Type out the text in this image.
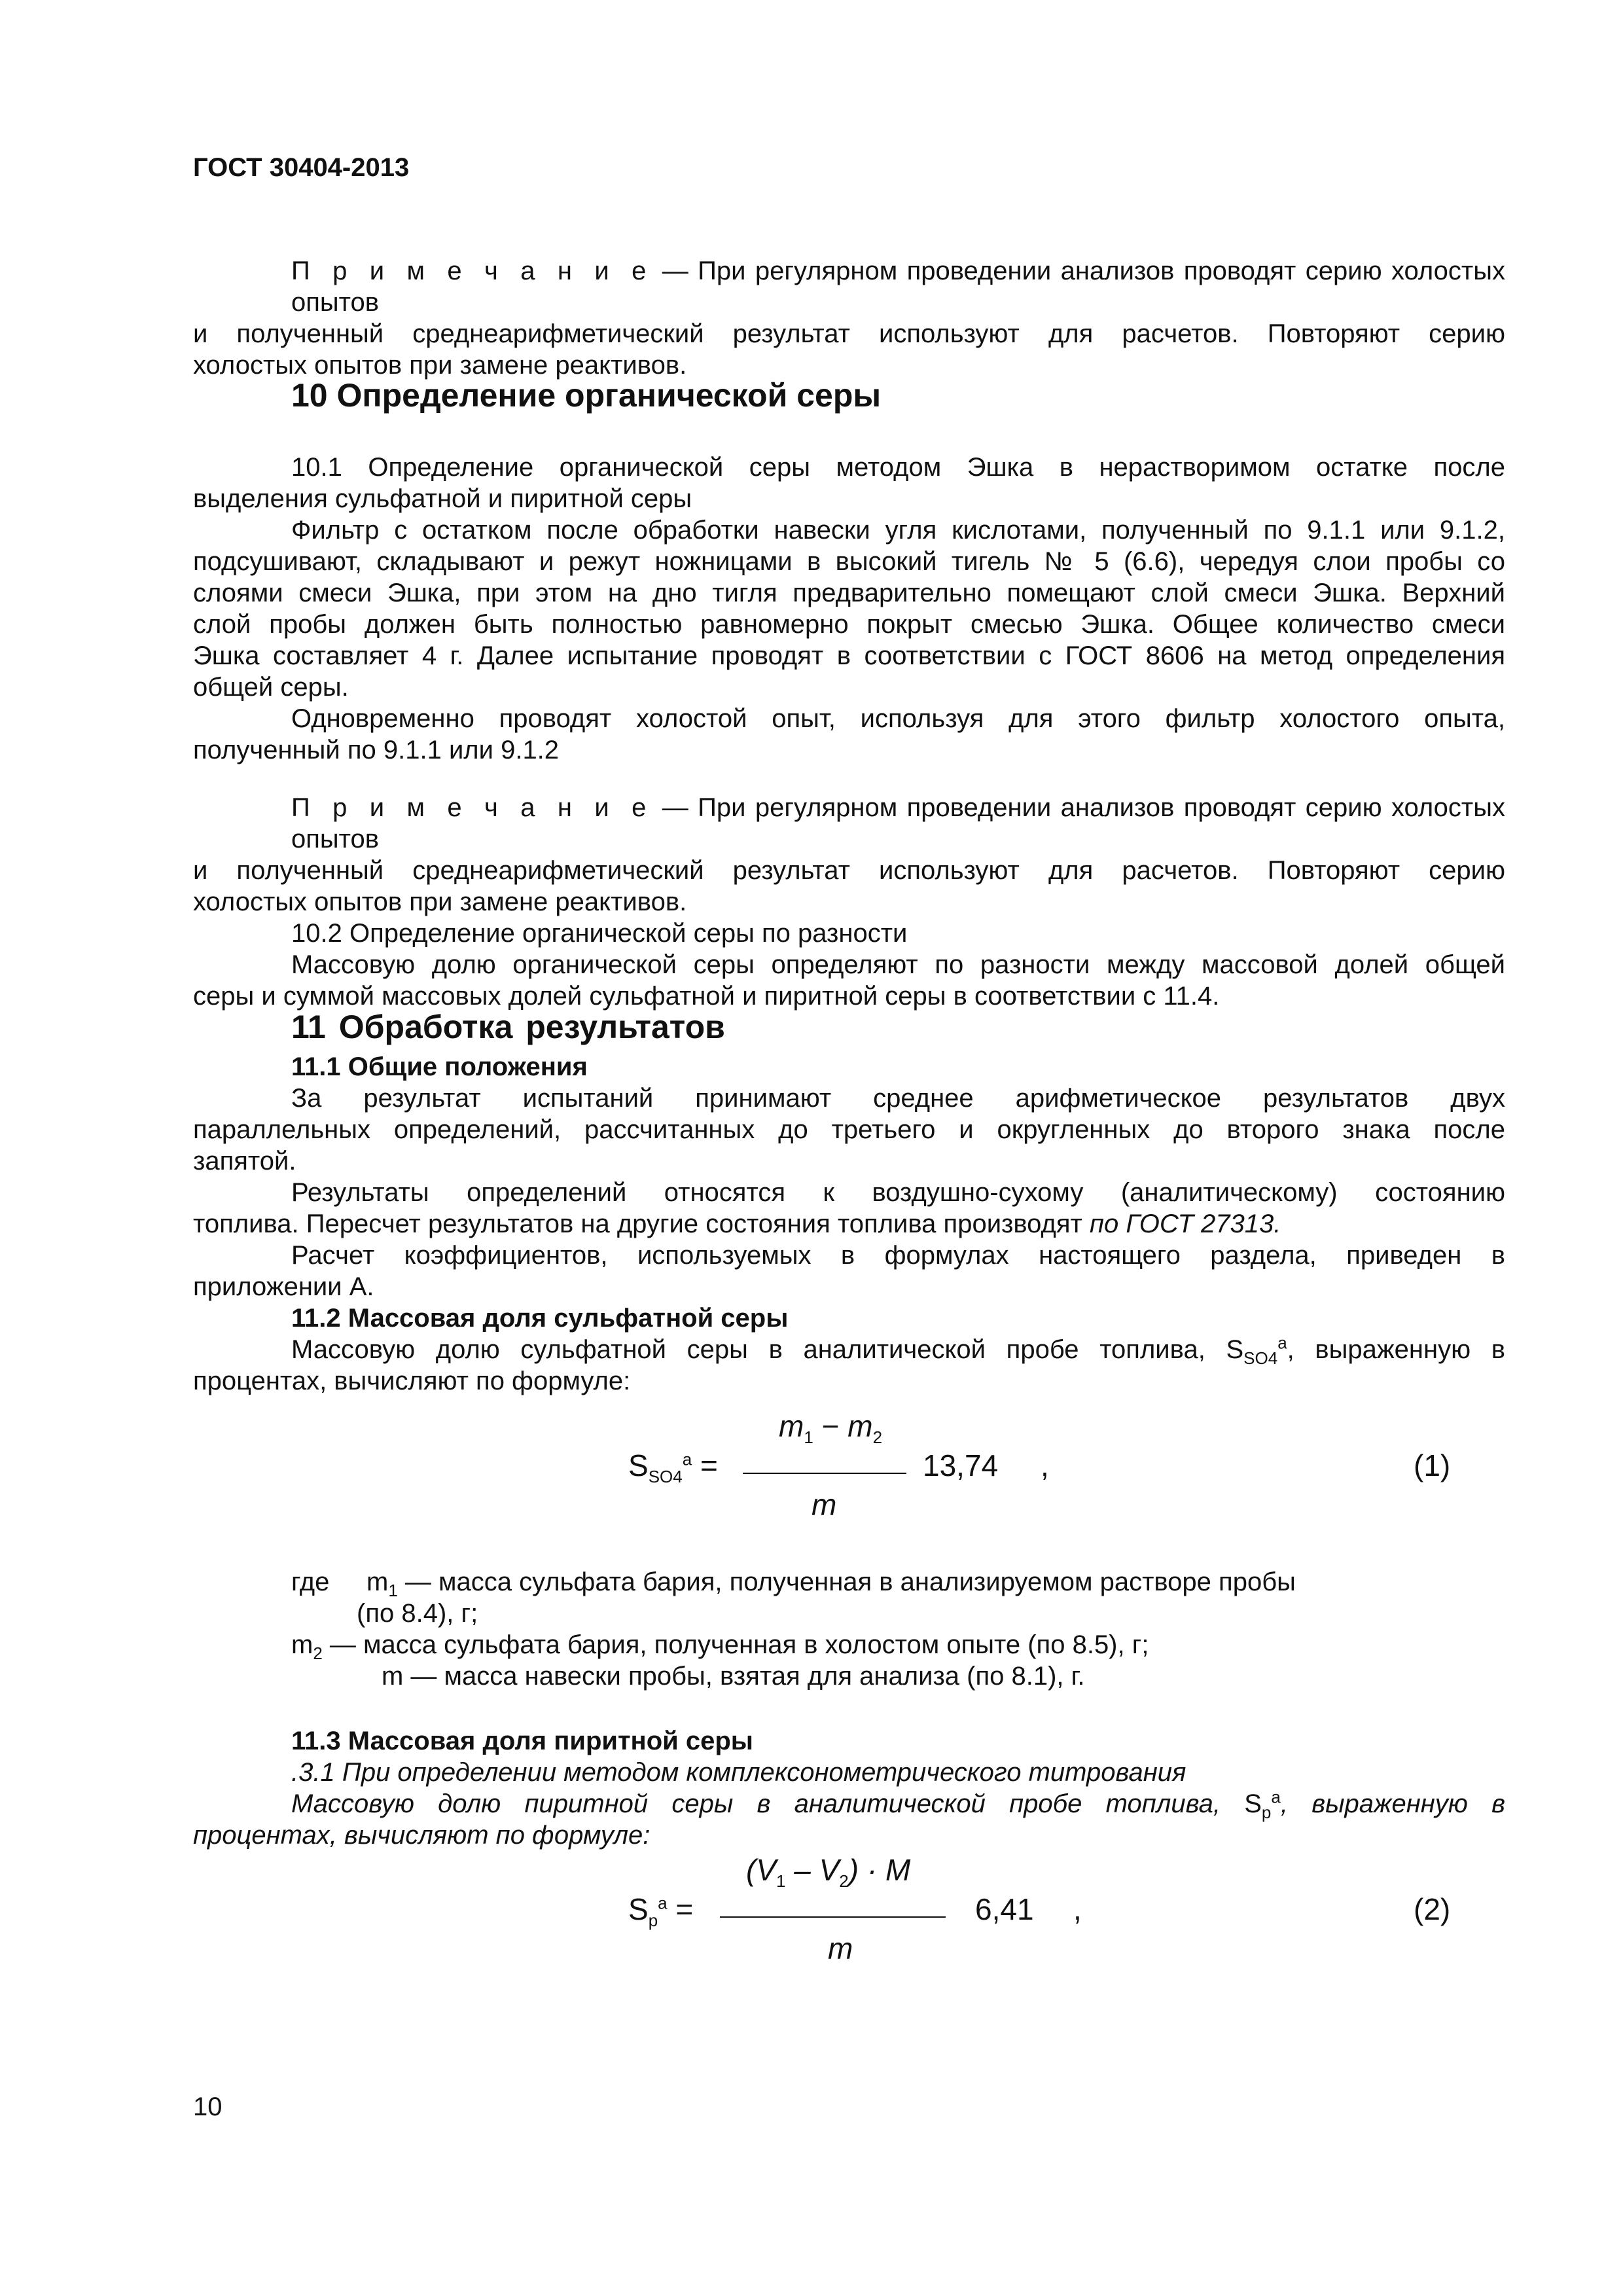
ГОСТ 30404-2013
П р и м е ч а н и е — При регулярном проведении анализов проводят серию холостых опытов
и полученный среднеарифметический результат используют для расчетов. Повторяют серию
холостых опытов при замене реактивов.
10 Определение органической серы
10.1 Определение органической серы методом Эшка в нерастворимом остатке после
выделения сульфатной и пиритной серы
Фильтр с остатком после обработки навески угля кислотами, полученный по 9.1.1 или 9.1.2,
подсушивают, складывают и режут ножницами в высокий тигель № 5 (6.6), чередуя слои пробы со
слоями смеси Эшка, при этом на дно тигля предварительно помещают слой смеси Эшка. Верхний
слой пробы должен быть полностью равномерно покрыт смесью Эшка. Общее количество смеси
Эшка составляет 4 г. Далее испытание проводят в соответствии с ГОСТ 8606 на метод определения
общей серы.
Одновременно проводят холостой опыт, используя для этого фильтр холостого опыта,
полученный по 9.1.1 или 9.1.2
П р и м е ч а н и е — При регулярном проведении анализов проводят серию холостых опытов
и полученный среднеарифметический результат используют для расчетов. Повторяют серию
холостых опытов при замене реактивов.
10.2 Определение органической серы по разности
Массовую долю органической серы определяют по разности между массовой долей общей
серы и суммой массовых долей сульфатной и пиритной серы в соответствии с 11.4.
11 Обработка результатов
11.1 Общие положения
За результат испытаний принимают среднее арифметическое результатов двух
параллельных определений, рассчитанных до третьего и округленных до второго знака после
запятой.
Результаты определений относятся к воздушно-сухому (аналитическому) состоянию
топлива. Пересчет результатов на другие состояния топлива производят по ГОСТ 27313.
Расчет коэффициентов, используемых в формулах настоящего раздела, приведен в
приложении А.
11.2 Массовая доля сульфатной серы
Массовую долю сульфатной серы в аналитической пробе топлива, $S_{SO4}^a$, выраженную в
процентах, вычисляют по формуле:
$m_1 - m_2$
$S_{SO4}^a$ =	13,74 ,
m
(1)
где $m_1$ — масса сульфата бария, полученная в анализируемом растворе пробы
(по 8.4), г;
$m_2$ — масса сульфата бария, полученная в холостом опыте (по 8.5), г;
m — масса навески пробы, взятая для анализа (по 8.1), г.
11.3 Массовая доля пиритной серы
.3.1 При определении методом комплексонометрического титрования
Массовую долю пиритной серы в аналитической пробе топлива, $S_p^a$, выраженную в
процентах, вычисляют по формуле:
$(V_1 - V_2) \cdot M$
$S_p^a$ =	6,41 ,
m
(2)
10
